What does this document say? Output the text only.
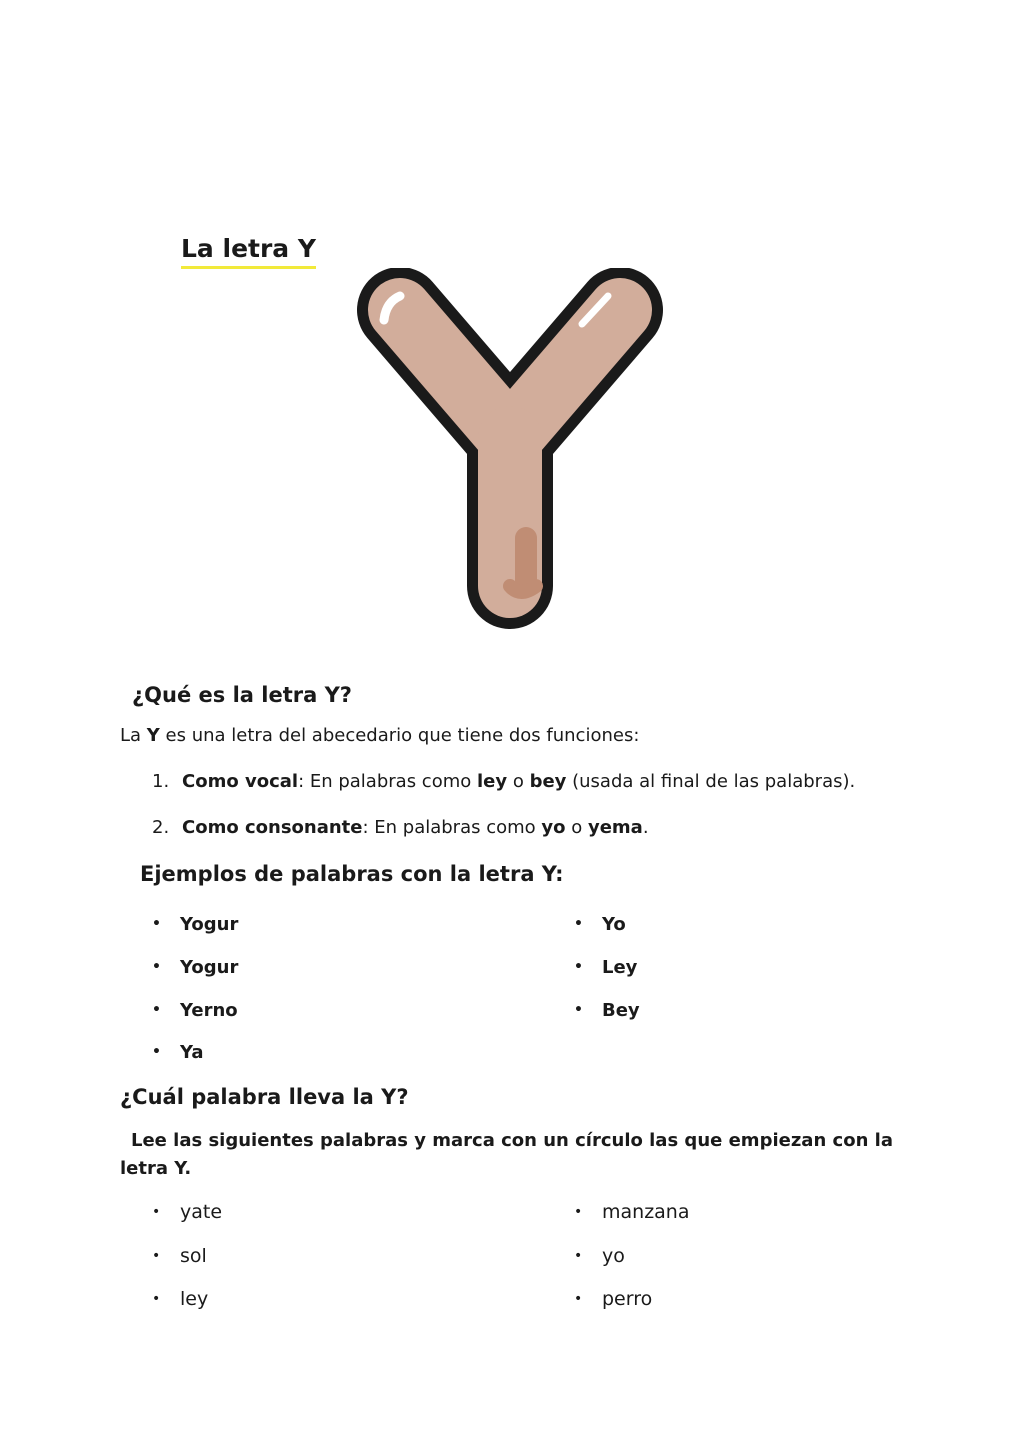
La letra Y
¿Qué es la letra Y?
La Y es una letra del abecedario que tiene dos funciones:
1. Como vocal: En palabras como ley o bey (usada al final de las palabras).
2. Como consonante: En palabras como yo o yema.
Ejemplos de palabras con la letra Y:
• Yogur
• Yogur
• Yerno
• Ya
• Yo
• Ley
• Bey
¿Cuál palabra lleva la Y?
Lee las siguientes palabras y marca con un círculo las que empiezan con la
letra Y.
• yate
• sol
• ley
• manzana
• yo
• perro
